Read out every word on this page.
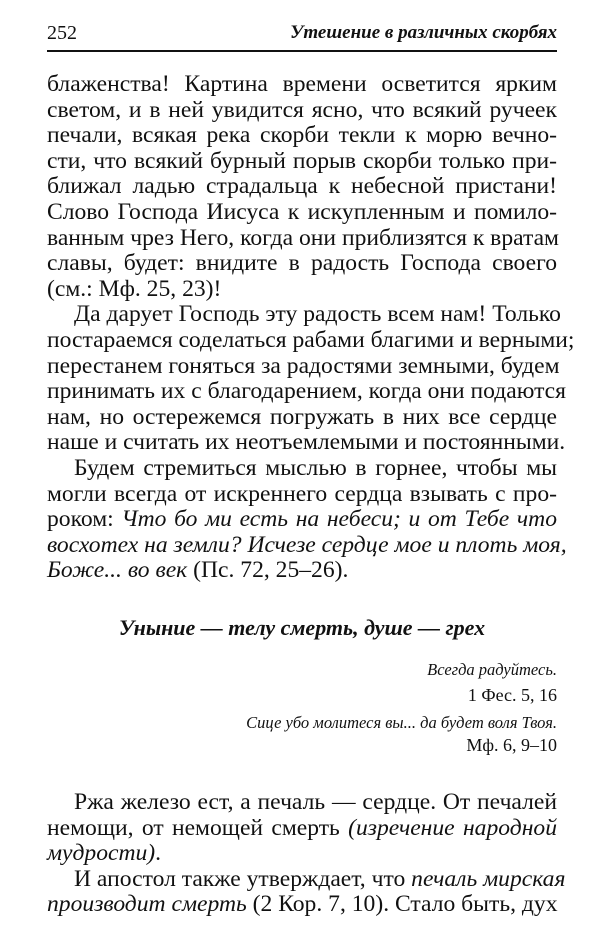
252	Утешение в различных скорбях
блаженства! Картина времени осветится ярким
светом, и в ней увидится ясно, что всякий ручеек
печали, всякая река скорби текли к морю вечно-
сти, что всякий бурный порыв скорби только при-
ближал ладью страдальца к небесной пристани!
Слово Господа Иисуса к искупленным и помило-
ванным чрез Него, когда они приблизятся к вратам
славы, будет: внидите в радость Господа своего
(см.: Мф. 25, 23)!
Да дарует Господь эту радость всем нам! Только
постараемся соделаться рабами благими и верными;
перестанем гоняться за радостями земными, будем
принимать их с благодарением, когда они подаются
нам, но остережемся погружать в них все сердце
наше и считать их неотъемлемыми и постоянными.
Будем стремиться мыслью в горнее, чтобы мы
могли всегда от искреннего сердца взывать с про-
роком: Что бо ми есть на небеси; и от Тебе что
восхотех на земли? Исчезе сердце мое и плоть моя,
Боже... во век (Пс. 72, 25–26).
Уныние — телу смерть, душе — грех
Всегда радуйтесь.
1 Фес. 5, 16
Сице убо молитеся вы... да будет воля Твоя.
Мф. 6, 9–10
Ржа железо ест, а печаль — сердце. От печалей
немощи, от немощей смерть (изречение народной
мудрости).
И апостол также утверждает, что печаль мирская
производит смерть (2 Кор. 7, 10). Стало быть, дух
